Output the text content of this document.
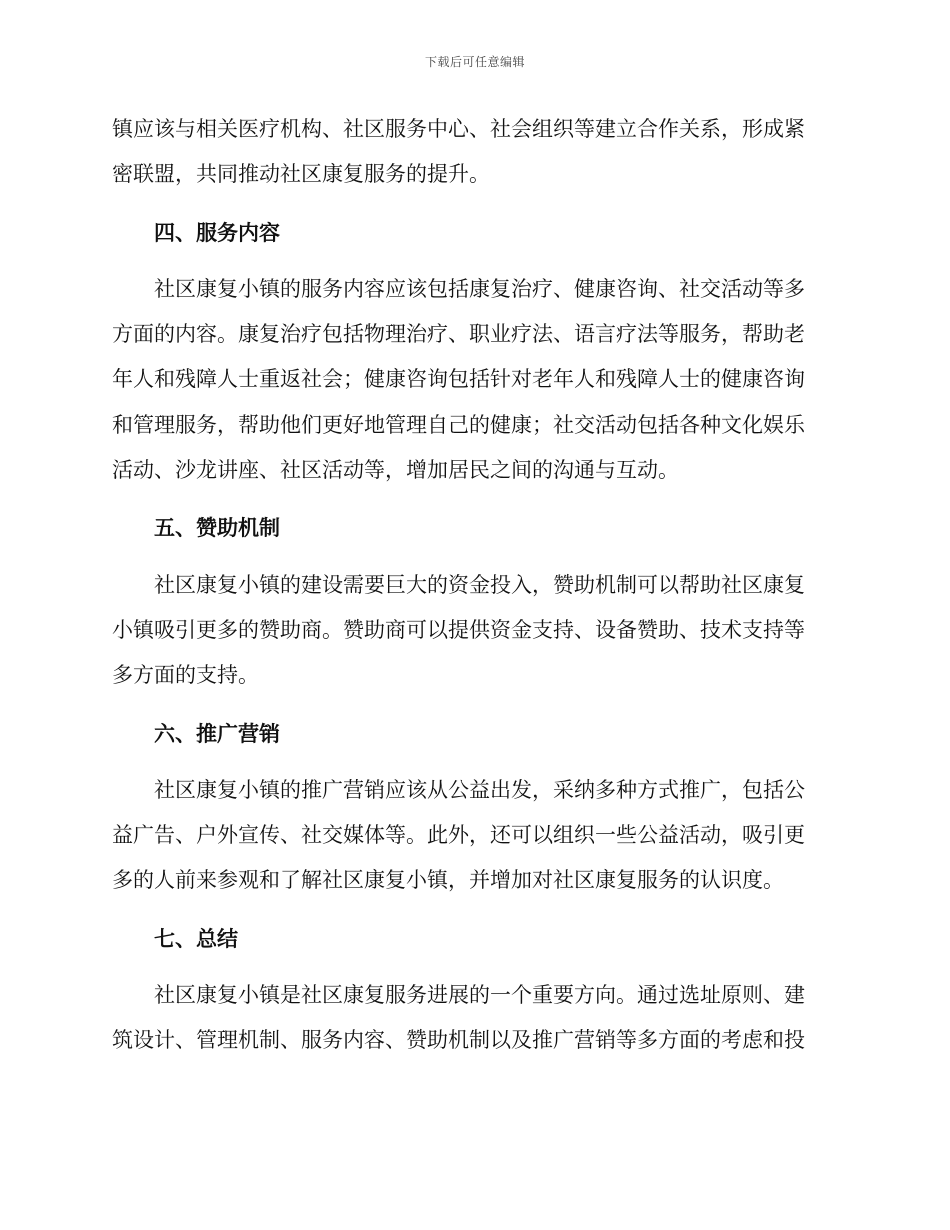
下载后可任意编辑

镇应该与相关医疗机构、社区服务中心、社会组织等建立合作关系，形成紧
密联盟，共同推动社区康复服务的提升。

四、服务内容

社区康复小镇的服务内容应该包括康复治疗、健康咨询、社交活动等多
方面的内容。康复治疗包括物理治疗、职业疗法、语言疗法等服务，帮助老
年人和残障人士重返社会；健康咨询包括针对老年人和残障人士的健康咨询
和管理服务，帮助他们更好地管理自己的健康；社交活动包括各种文化娱乐
活动、沙龙讲座、社区活动等，增加居民之间的沟通与互动。

五、赞助机制

社区康复小镇的建设需要巨大的资金投入，赞助机制可以帮助社区康复
小镇吸引更多的赞助商。赞助商可以提供资金支持、设备赞助、技术支持等
多方面的支持。

六、推广营销

社区康复小镇的推广营销应该从公益出发，采纳多种方式推广，包括公
益广告、户外宣传、社交媒体等。此外，还可以组织一些公益活动，吸引更
多的人前来参观和了解社区康复小镇，并增加对社区康复服务的认识度。

七、总结

社区康复小镇是社区康复服务进展的一个重要方向。通过选址原则、建
筑设计、管理机制、服务内容、赞助机制以及推广营销等多方面的考虑和投
